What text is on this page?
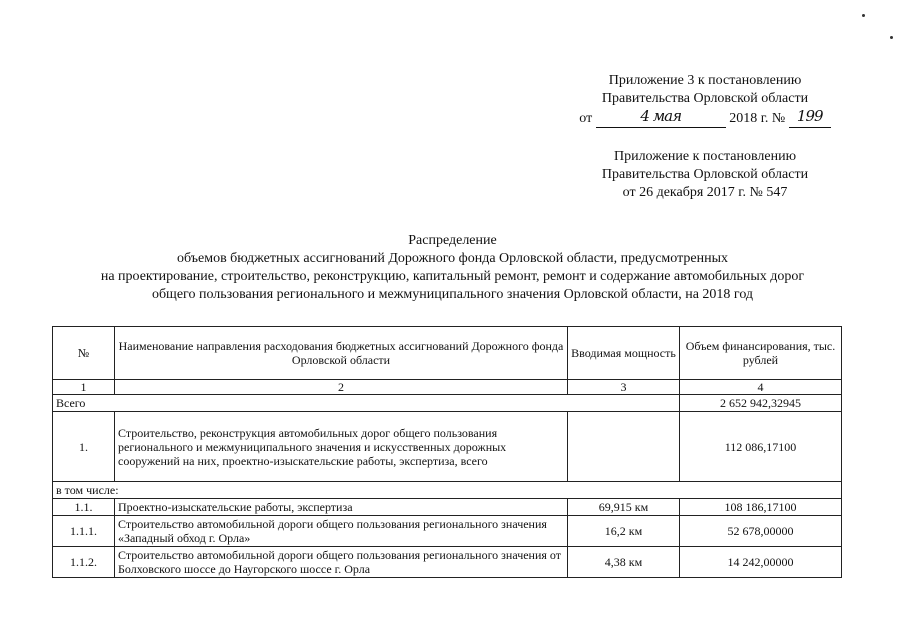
Приложение 3 к постановлению
Правительства Орловской области
от	4 мая	2018 г. № 199
Приложение к постановлению
Правительства Орловской области
от 26 декабря 2017 г. № 547
Распределение
объемов бюджетных ассигнований Дорожного фонда Орловской области, предусмотренных
на проектирование, строительство, реконструкцию, капитальный ремонт, ремонт и содержание автомобильных дорог
общего пользования регионального и межмуниципального значения Орловской области, на 2018 год
№	Наименование направления расходования бюджетных ассигнований Дорожного фонда Орловской области	Вводимая мощность	Объем финансирования, тыс. рублей
1	2	3	4
Всего			2 652 942,32945
1.	Строительство, реконструкция автомобильных дорог общего пользования регионального и межмуниципального значения и искусственных дорожных сооружений на них, проектно-изыскательские работы, экспертиза, всего		112 086,17100
в том числе:			
1.1.	Проектно-изыскательские работы, экспертиза	69,915 км	108 186,17100
1.1.1.	Строительство автомобильной дороги общего пользования регионального значения «Западный обход г. Орла»	16,2 км	52 678,00000
1.1.2.	Строительство автомобильной дороги общего пользования регионального значения от Болховского шоссе до Наугорского шоссе г. Орла	4,38 км	14 242,00000
